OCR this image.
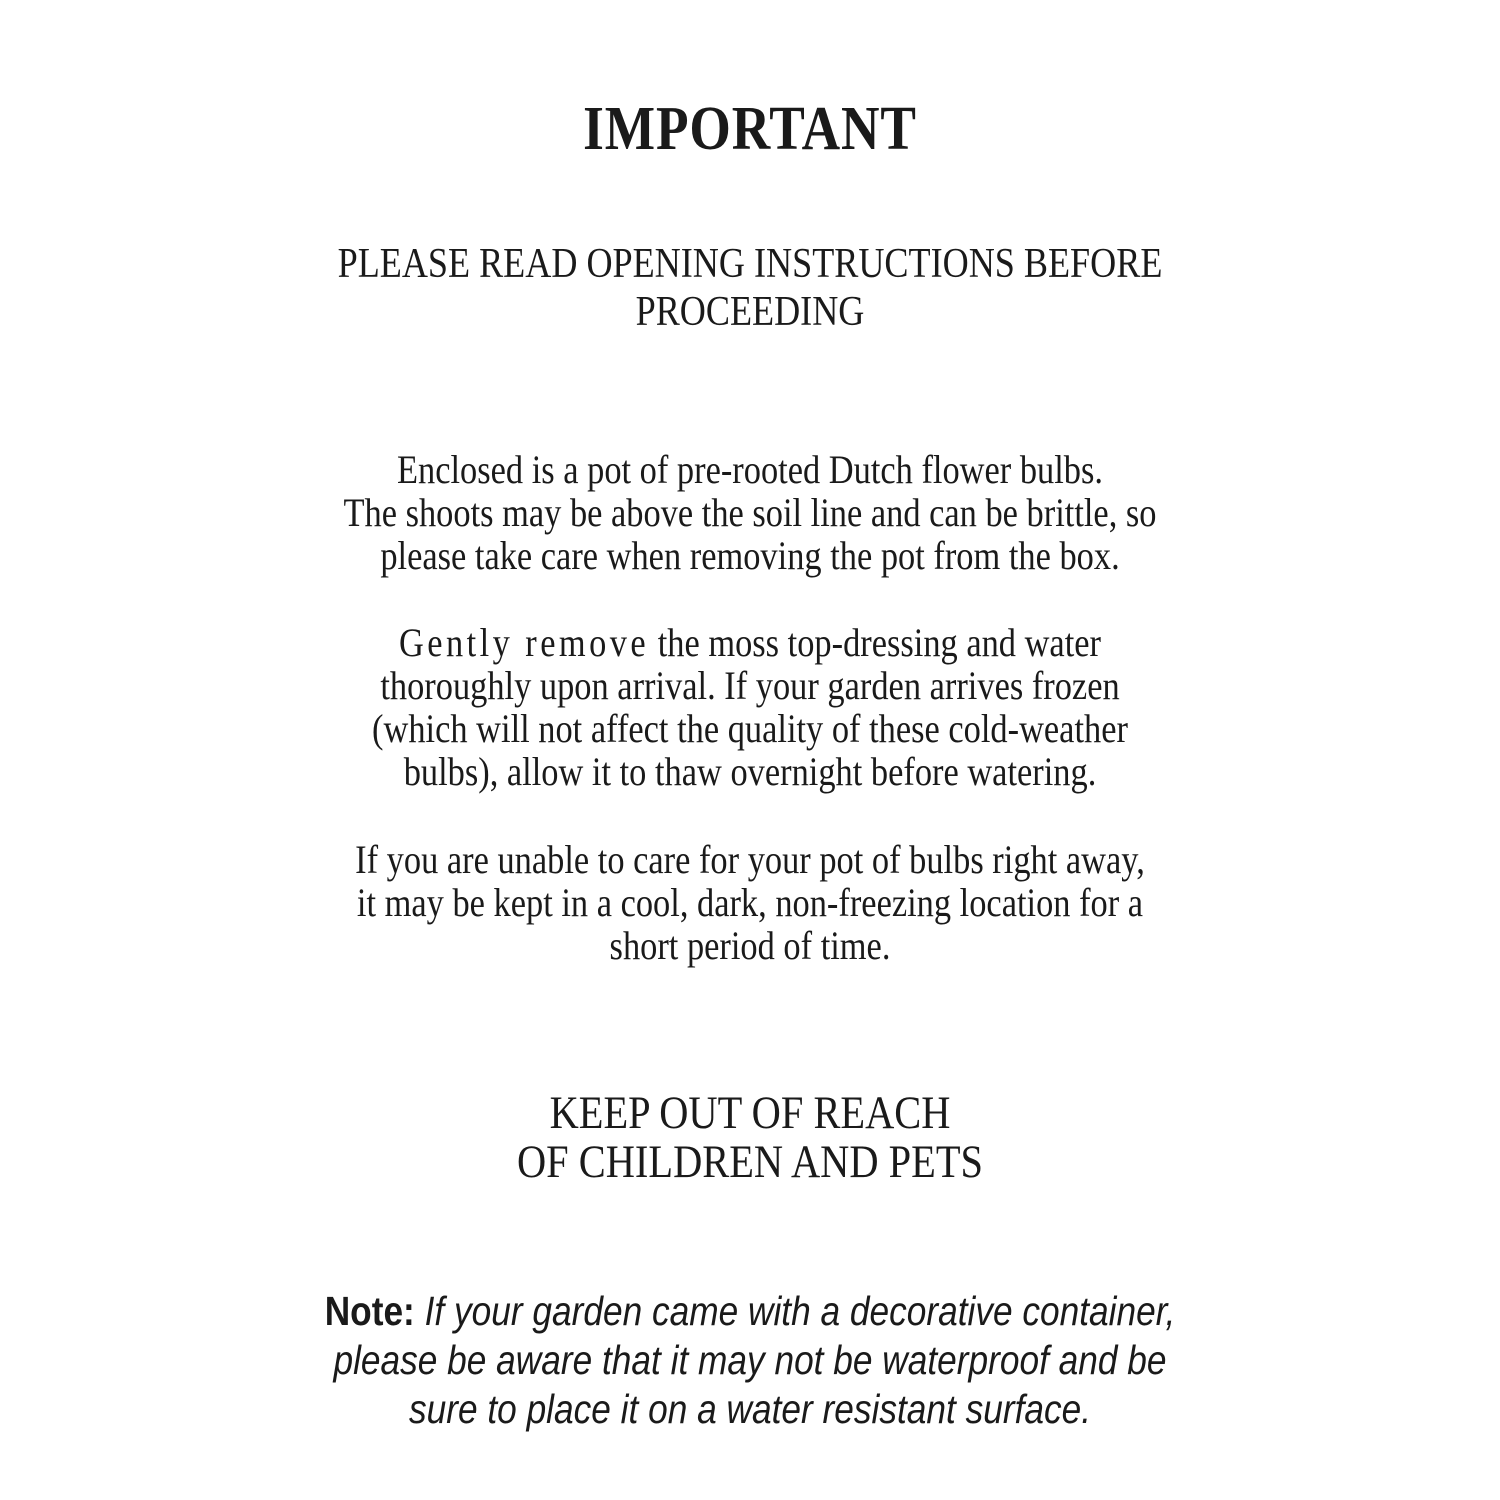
IMPORTANT
PLEASE READ OPENING INSTRUCTIONS BEFORE
PROCEEDING
Enclosed is a pot of pre-rooted Dutch flower bulbs.
The shoots may be above the soil line and can be brittle, so
please take care when removing the pot from the box.
Gently remove the moss top-dressing and water
thoroughly upon arrival. If your garden arrives frozen
(which will not affect the quality of these cold-weather
bulbs), allow it to thaw overnight before watering.
If you are unable to care for your pot of bulbs right away,
it may be kept in a cool, dark, non-freezing location for a
short period of time.
KEEP OUT OF REACH
OF CHILDREN AND PETS
Note: If your garden came with a decorative container,
please be aware that it may not be waterproof and be
sure to place it on a water resistant surface.
